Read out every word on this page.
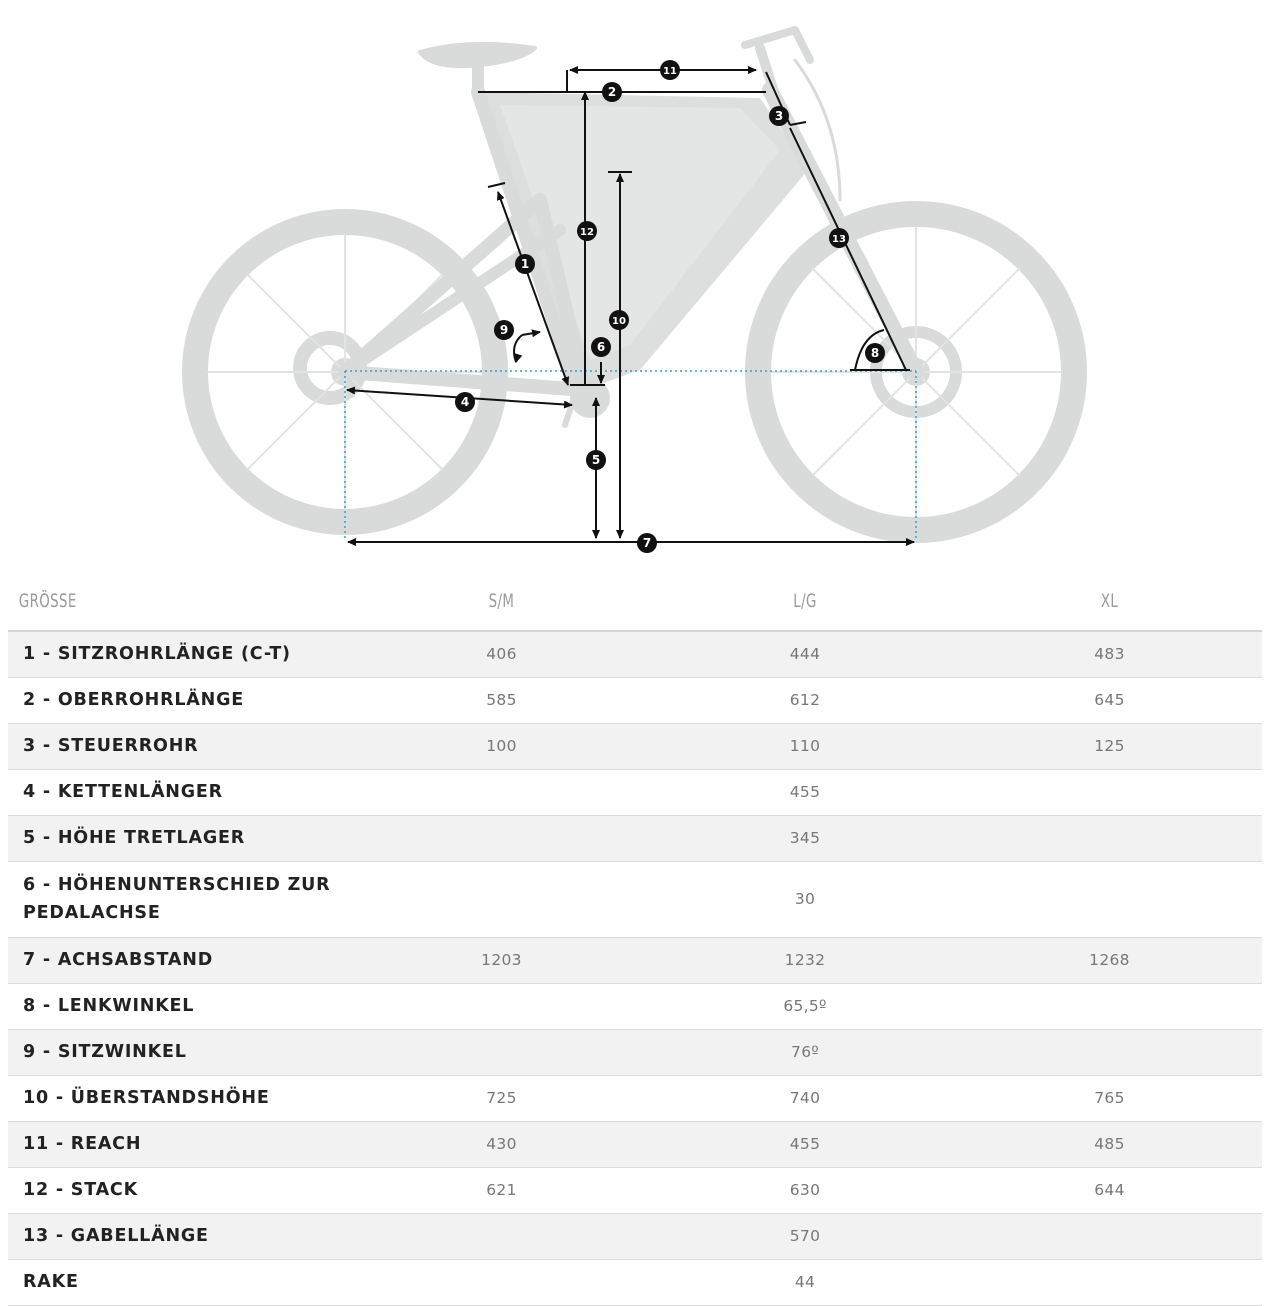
1
2
3
4
5
6
7
8
9
10
11
12
13
GRÖSSE	S/M	L/G	XL
1 - SITZROHRLÄNGE (C-T)	406	444	483
2 - OBERROHRLÄNGE	585	612	645
3 - STEUERROHR	100	110	125
4 - KETTENLÄNGER		455	
5 - HÖHE TRETLAGER		345	
6 - HÖHENUNTERSCHIED ZUR PEDALACHSE		30	
7 - ACHSABSTAND	1203	1232	1268
8 - LENKWINKEL		65,5º	
9 - SITZWINKEL		76º	
10 - ÜBERSTANDSHÖHE	725	740	765
11 - REACH	430	455	485
12 - STACK	621	630	644
13 - GABELLÄNGE		570	
RAKE		44	
